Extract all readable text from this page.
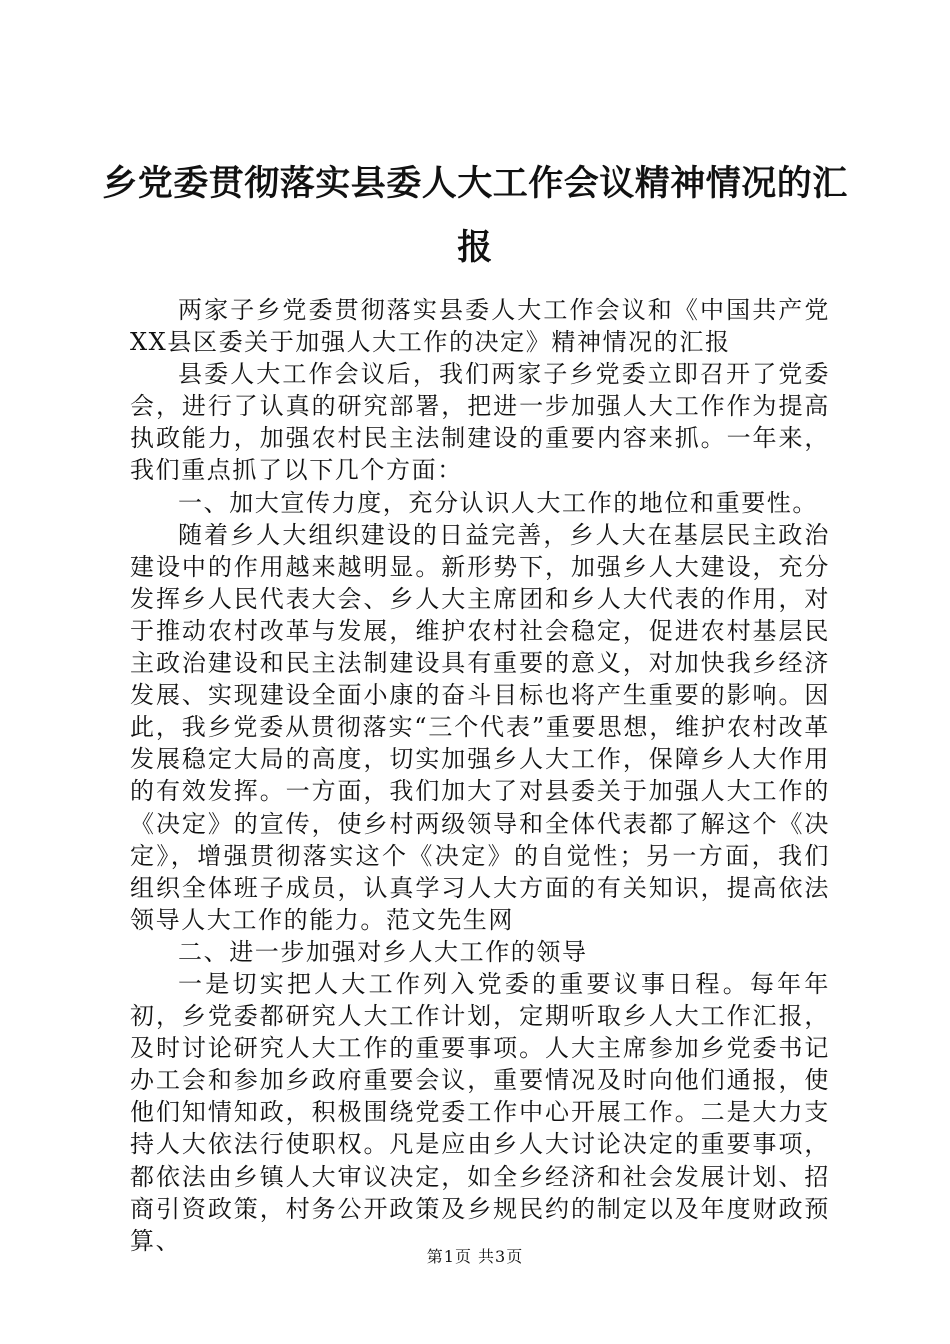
乡党委贯彻落实县委人大工作会议精神情况的汇报

两家子乡党委贯彻落实县委人大工作会议和《中国共产党XX县区委关于加强人大工作的决定》精神情况的汇报

县委人大工作会议后，我们两家子乡党委立即召开了党委会，进行了认真的研究部署，把进一步加强人大工作作为提高执政能力，加强农村民主法制建设的重要内容来抓。一年来，我们重点抓了以下几个方面：

一、加大宣传力度，充分认识人大工作的地位和重要性。

随着乡人大组织建设的日益完善，乡人大在基层民主政治建设中的作用越来越明显。新形势下，加强乡人大建设，充分发挥乡人民代表大会、乡人大主席团和乡人大代表的作用，对于推动农村改革与发展，维护农村社会稳定，促进农村基层民主政治建设和民主法制建设具有重要的意义，对加快我乡经济发展、实现建设全面小康的奋斗目标也将产生重要的影响。因此，我乡党委从贯彻落实“三个代表”重要思想，维护农村改革发展稳定大局的高度，切实加强乡人大工作，保障乡人大作用的有效发挥。一方面，我们加大了对县委关于加强人大工作的《决定》的宣传，使乡村两级领导和全体代表都了解这个《决定》，增强贯彻落实这个《决定》的自觉性；另一方面，我们组织全体班子成员，认真学习人大方面的有关知识，提高依法领导人大工作的能力。范文先生网

二、进一步加强对乡人大工作的领导

一是切实把人大工作列入党委的重要议事日程。每年年初，乡党委都研究人大工作计划，定期听取乡人大工作汇报，及时讨论研究人大工作的重要事项。人大主席参加乡党委书记办工会和参加乡政府重要会议，重要情况及时向他们通报，使他们知情知政，积极围绕党委工作中心开展工作。二是大力支持人大依法行使职权。凡是应由乡人大讨论决定的重要事项，都依法由乡镇人大审议决定，如全乡经济和社会发展计划、招商引资政策，村务公开政策及乡规民约的制定以及年度财政预算、

第1页 共3页
